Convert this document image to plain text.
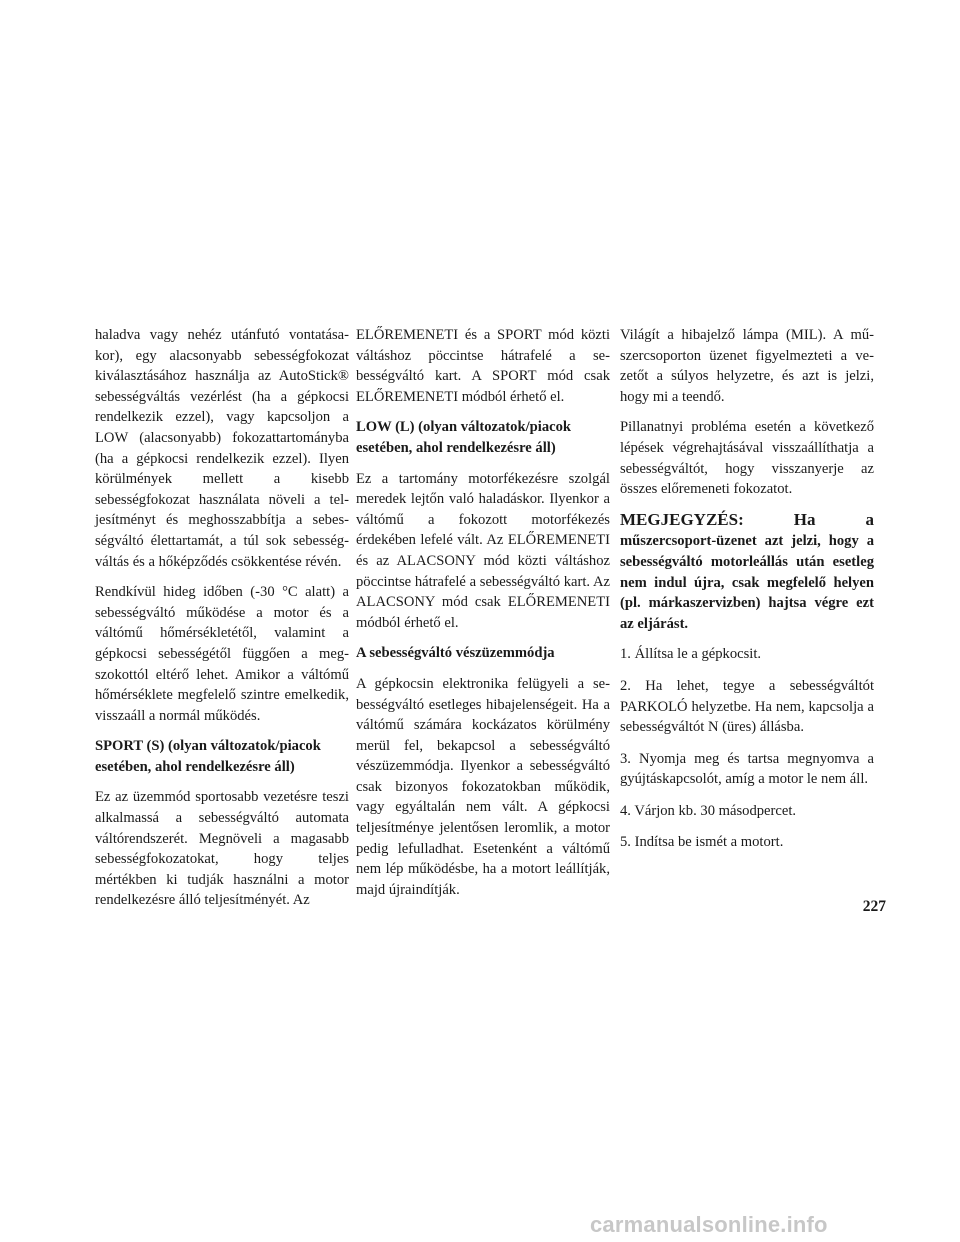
haladva vagy nehéz utánfutó vontatásakor), egy alacsonyabb sebességfokozat kiválasztásához használja az AutoStick® sebességváltás vezérlést (ha a gépkocsi rendelkezik ezzel), vagy kapcsoljon a LOW (alacsonyabb) fokozattartományba (ha a gépkocsi rendelkezik ezzel). Ilyen körülmények mellett a kisebb sebességfokozat használata növeli a teljesítményt és meghosszabbítja a sebességváltó élettartamát, a túl sok sebességváltás és a hőképződés csökkentése révén.

Rendkívül hideg időben (-30 °C alatt) a sebességváltó működése a motor és a váltómű hőmérsékletétől, valamint a gépkocsi sebességétől függően a megszokottól eltérő lehet. Amikor a váltómű hőmérséklete megfelelő szintre emelkedik, visszaáll a normál működés.

SPORT (S) (olyan változatok/piacok esetében, ahol rendelkezésre áll)

Ez az üzemmód sportosabb vezetésre teszi alkalmassá a sebességváltó automata váltórendszerét. Megnöveli a magasabb sebességfokozatokat, hogy teljes mértékben ki tudják használni a motor rendelkezésre álló teljesítményét. Az

ELŐREMENETI és a SPORT mód közti váltáshoz pöccintse hátrafelé a sebességváltó kart. A SPORT mód csak ELŐREMENETI módból érhető el.

LOW (L) (olyan változatok/piacok esetében, ahol rendelkezésre áll)

Ez a tartomány motorfékezésre szolgál meredek lejtőn való haladáskor. Ilyenkor a váltómű a fokozott motorfékezés érdekében lefelé vált. Az ELŐREMENETI és az ALACSONY mód közti váltáshoz pöccintse hátrafelé a sebességváltó kart. Az ALACSONY mód csak ELŐREMENETI módból érhető el.

A sebességváltó vészüzemmódja

A gépkocsin elektronika felügyeli a sebességváltó esetleges hibajelenségeit. Ha a váltómű számára kockázatos körülmény merül fel, bekapcsol a sebességváltó vészüzemmódja. Ilyenkor a sebességváltó csak bizonyos fokozatokban működik, vagy egyáltalán nem vált. A gépkocsi teljesítménye jelentősen leromlik, a motor pedig lefulladhat. Esetenként a váltómű nem lép működésbe, ha a motort leállítják, majd újraindítják.

Világít a hibajelző lámpa (MIL). A műszercsoporton üzenet figyelmezteti a vezetőt a súlyos helyzetre, és azt is jelzi, hogy mi a teendő.

Pillanatnyi probléma esetén a következő lépések végrehajtásával visszaállíthatja a sebességváltót, hogy visszanyerje az összes előremeneti fokozatot.

MEGJEGYZÉS: Ha a műszercsoport-üzenet azt jelzi, hogy a sebességváltó motorleállás után esetleg nem indul újra, csak megfelelő helyen (pl. márkaszervizben) hajtsa végre ezt az eljárást.

1. Állítsa le a gépkocsit.
2. Ha lehet, tegye a sebességváltót PARKOLÓ helyzetbe. Ha nem, kapcsolja a sebességváltót N (üres) állásba.
3. Nyomja meg és tartsa megnyomva a gyújtáskapcsolót, amíg a motor le nem áll.
4. Várjon kb. 30 másodpercet.
5. Indítsa be ismét a motort.
227
carmanualsonline.info
